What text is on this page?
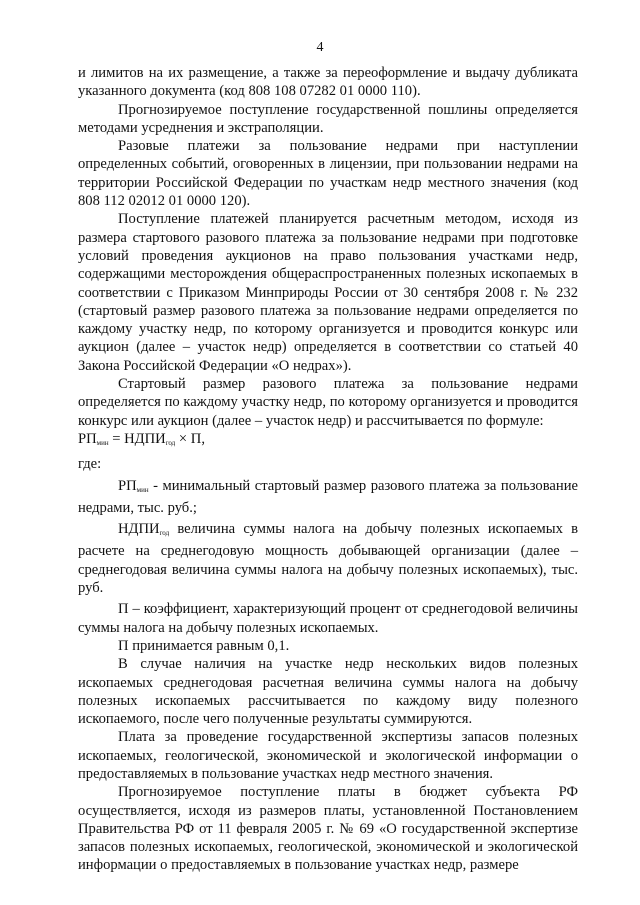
4

и лимитов на их размещение, а также за переоформление и выдачу дубликата указанного документа (код 808 108 07282 01 0000 110).

Прогнозируемое поступление государственной пошлины определяется методами усреднения и экстраполяции.

Разовые платежи за пользование недрами при наступлении определенных событий, оговоренных в лицензии, при пользовании недрами на территории Российской Федерации по участкам недр местного значения (код 808 112 02012 01 0000 120).

Поступление платежей планируется расчетным методом, исходя из размера стартового разового платежа за пользование недрами при подготовке условий проведения аукционов на право пользования участками недр, содержащими месторождения общераспространенных полезных ископаемых в соответствии с Приказом Минприроды России от 30 сентября 2008 г. № 232 (стартовый размер разового платежа за пользование недрами определяется по каждому участку недр, по которому организуется и проводится конкурс или аукцион (далее – участок недр) определяется в соответствии со статьей 40 Закона Российской Федерации «О недрах»).

Стартовый размер разового платежа за пользование недрами определяется по каждому участку недр, по которому организуется и проводится конкурс или аукцион (далее – участок недр) и рассчитывается по формуле:

$РП_{мин}$ = $НДПИ_{год} \times П$,

где:

$РП_{мин}$ - минимальный стартовый размер разового платежа за пользование недрами, тыс. руб.;

$НДПИ_{год}$ величина суммы налога на добычу полезных ископаемых в расчете на среднегодовую мощность добывающей организации (далее – среднегодовая величина суммы налога на добычу полезных ископаемых), тыс. руб.

П – коэффициент, характеризующий процент от среднегодовой величины суммы налога на добычу полезных ископаемых.

П принимается равным 0,1.

В случае наличия на участке недр нескольких видов полезных ископаемых среднегодовая расчетная величина суммы налога на добычу полезных ископаемых рассчитывается по каждому виду полезного ископаемого, после чего полученные результаты суммируются.

Плата за проведение государственной экспертизы запасов полезных ископаемых, геологической, экономической и экологической информации о предоставляемых в пользование участках недр местного значения.

Прогнозируемое поступление платы в бюджет субъекта РФ осуществляется, исходя из размеров платы, установленной Постановлением Правительства РФ от 11 февраля 2005 г. № 69 «О государственной экспертизе запасов полезных ископаемых, геологической, экономической и экологической информации о предоставляемых в пользование участках недр, размере
